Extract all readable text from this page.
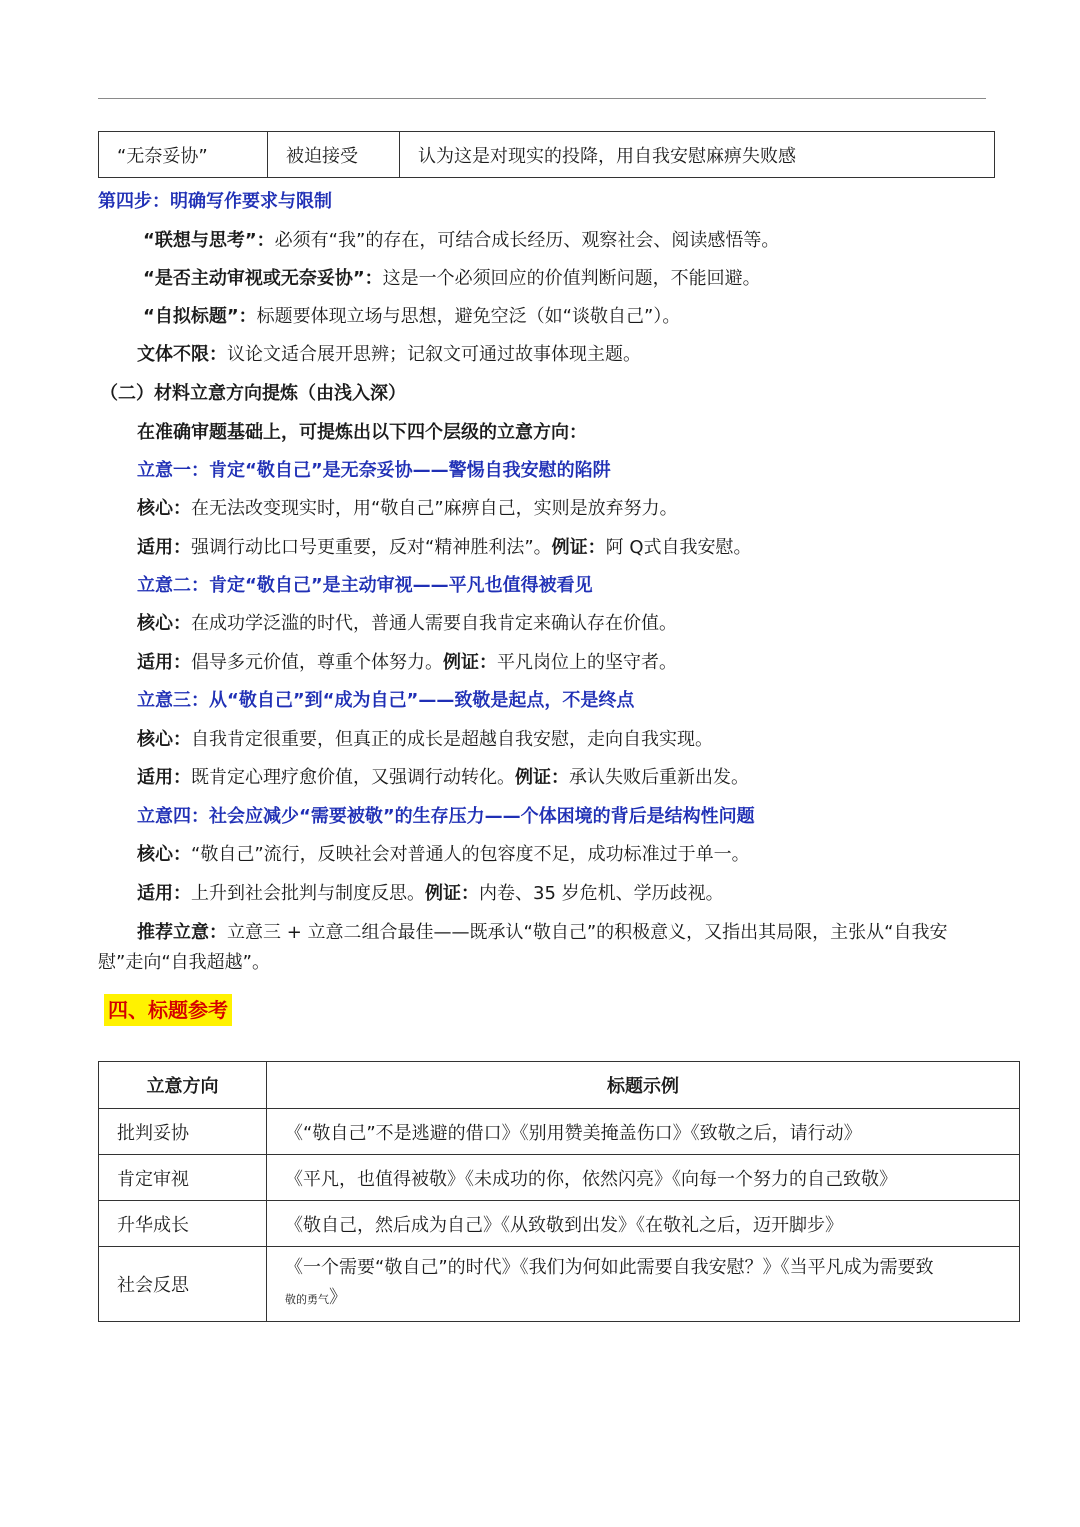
“无奈妥协”	被迫接受	认为这是对现实的投降，用自我安慰麻痹失败感
第四步：明确写作要求与限制
“联想与思考”：必须有“我”的存在，可结合成长经历、观察社会、阅读感悟等。
“是否主动审视或无奈妥协”：这是一个必须回应的价值判断问题，不能回避。
“自拟标题”：标题要体现立场与思想，避免空泛（如“谈敬自己”）。
文体不限：议论文适合展开思辨；记叙文可通过故事体现主题。
（二）材料立意方向提炼（由浅入深）
在准确审题基础上，可提炼出以下四个层级的立意方向：
立意一：肯定“敬自己”是无奈妥协——警惕自我安慰的陷阱
核心：在无法改变现实时，用“敬自己”麻痹自己，实则是放弃努力。
适用：强调行动比口号更重要，反对“精神胜利法”。例证：阿 Q式自我安慰。
立意二：肯定“敬自己”是主动审视——平凡也值得被看见
核心：在成功学泛滥的时代，普通人需要自我肯定来确认存在价值。
适用：倡导多元价值，尊重个体努力。例证：平凡岗位上的坚守者。
立意三：从“敬自己”到“成为自己”——致敬是起点，不是终点
核心：自我肯定很重要，但真正的成长是超越自我安慰，走向自我实现。
适用：既肯定心理疗愈价值，又强调行动转化。例证：承认失败后重新出发。
立意四：社会应减少“需要被敬”的生存压力——个体困境的背后是结构性问题
核心：“敬自己”流行，反映社会对普通人的包容度不足，成功标准过于单一。
适用：上升到社会批判与制度反思。例证：内卷、35 岁危机、学历歧视。
推荐立意：立意三 + 立意二组合最佳——既承认“敬自己”的积极意义，又指出其局限，主张从“自我安慰”走向“自我超越”。
四、标题参考
立意方向	标题示例
批判妥协	《“敬自己”不是逃避的借口》《别用赞美掩盖伤口》《致敬之后，请行动》
肯定审视	《平凡，也值得被敬》《未成功的你，依然闪亮》《向每一个努力的自己致敬》
升华成长	《敬自己，然后成为自己》《从致敬到出发》《在敬礼之后，迈开脚步》
社会反思	《一个需要“敬自己”的时代》《我们为何如此需要自我安慰？》《当平凡成为需要致
敬的勇气》
